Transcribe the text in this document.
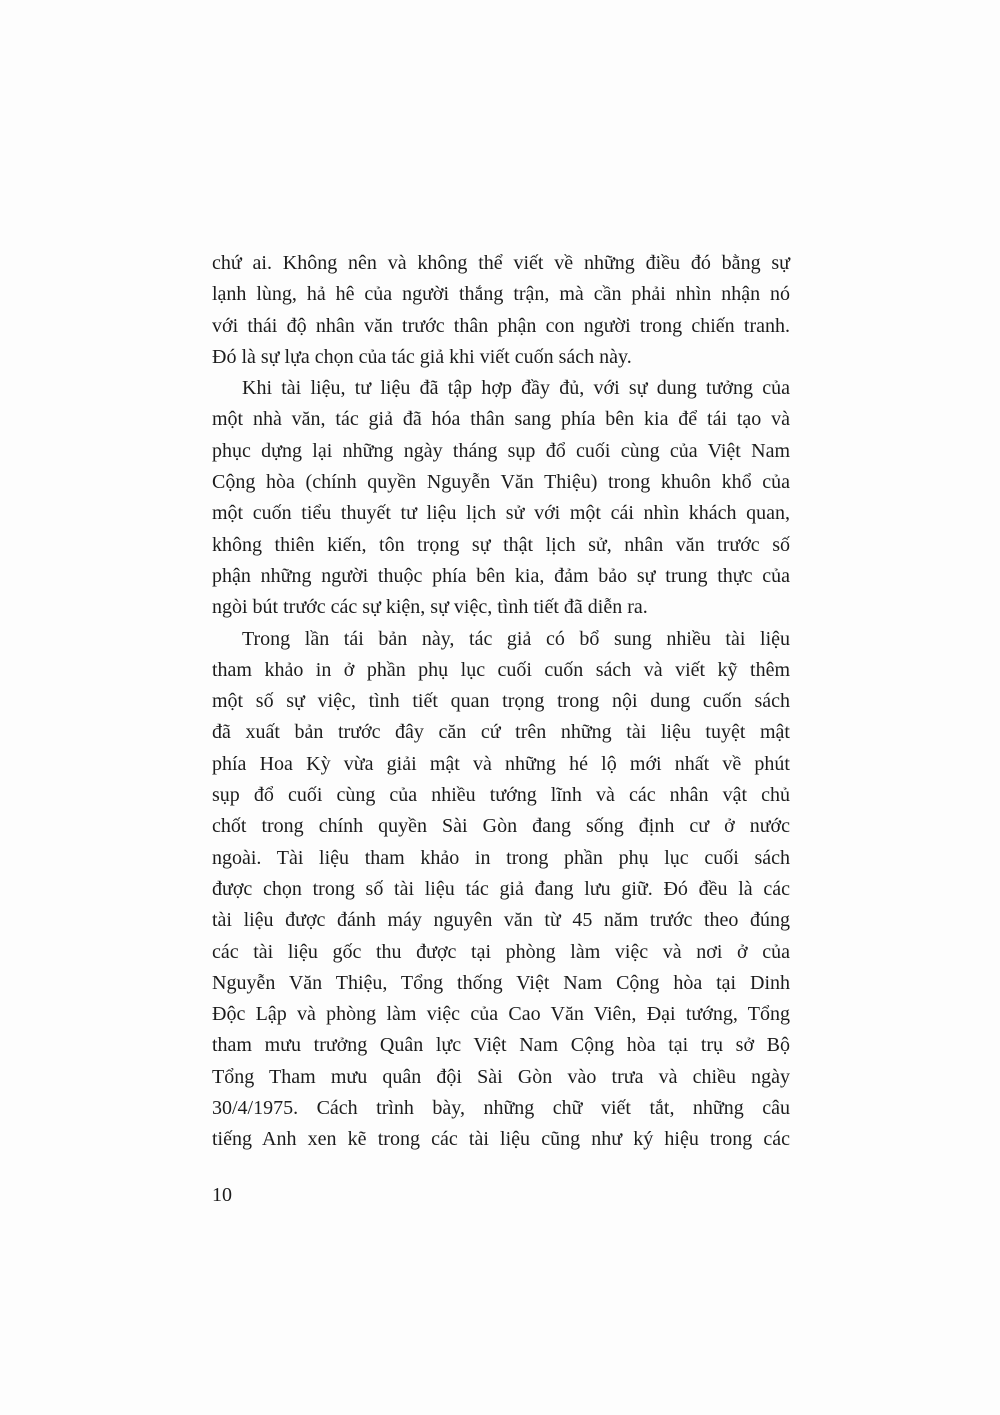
chứ ai. Không nên và không thể viết về những điều đó bằng sự
lạnh lùng, hả hê của người thắng trận, mà cần phải nhìn nhận nó
với thái độ nhân văn trước thân phận con người trong chiến tranh.
Đó là sự lựa chọn của tác giả khi viết cuốn sách này.
Khi tài liệu, tư liệu đã tập hợp đầy đủ, với sự dung tưởng của
một nhà văn, tác giả đã hóa thân sang phía bên kia để tái tạo và
phục dựng lại những ngày tháng sụp đổ cuối cùng của Việt Nam
Cộng hòa (chính quyền Nguyễn Văn Thiệu) trong khuôn khổ của
một cuốn tiểu thuyết tư liệu lịch sử với một cái nhìn khách quan,
không thiên kiến, tôn trọng sự thật lịch sử, nhân văn trước số
phận những người thuộc phía bên kia, đảm bảo sự trung thực của
ngòi bút trước các sự kiện, sự việc, tình tiết đã diễn ra.
Trong lần tái bản này, tác giả có bổ sung nhiều tài liệu
tham khảo in ở phần phụ lục cuối cuốn sách và viết kỹ thêm
một số sự việc, tình tiết quan trọng trong nội dung cuốn sách
đã xuất bản trước đây căn cứ trên những tài liệu tuyệt mật
phía Hoa Kỳ vừa giải mật và những hé lộ mới nhất về phút
sụp đổ cuối cùng của nhiều tướng lĩnh và các nhân vật chủ
chốt trong chính quyền Sài Gòn đang sống định cư ở nước
ngoài. Tài liệu tham khảo in trong phần phụ lục cuối sách
được chọn trong số tài liệu tác giả đang lưu giữ. Đó đều là các
tài liệu được đánh máy nguyên văn từ 45 năm trước theo đúng
các tài liệu gốc thu được tại phòng làm việc và nơi ở của
Nguyễn Văn Thiệu, Tổng thống Việt Nam Cộng hòa tại Dinh
Độc Lập và phòng làm việc của Cao Văn Viên, Đại tướng, Tổng
tham mưu trưởng Quân lực Việt Nam Cộng hòa tại trụ sở Bộ
Tổng Tham mưu quân đội Sài Gòn vào trưa và chiều ngày
30/4/1975. Cách trình bày, những chữ viết tắt, những câu
tiếng Anh xen kẽ trong các tài liệu cũng như ký hiệu trong các
10
